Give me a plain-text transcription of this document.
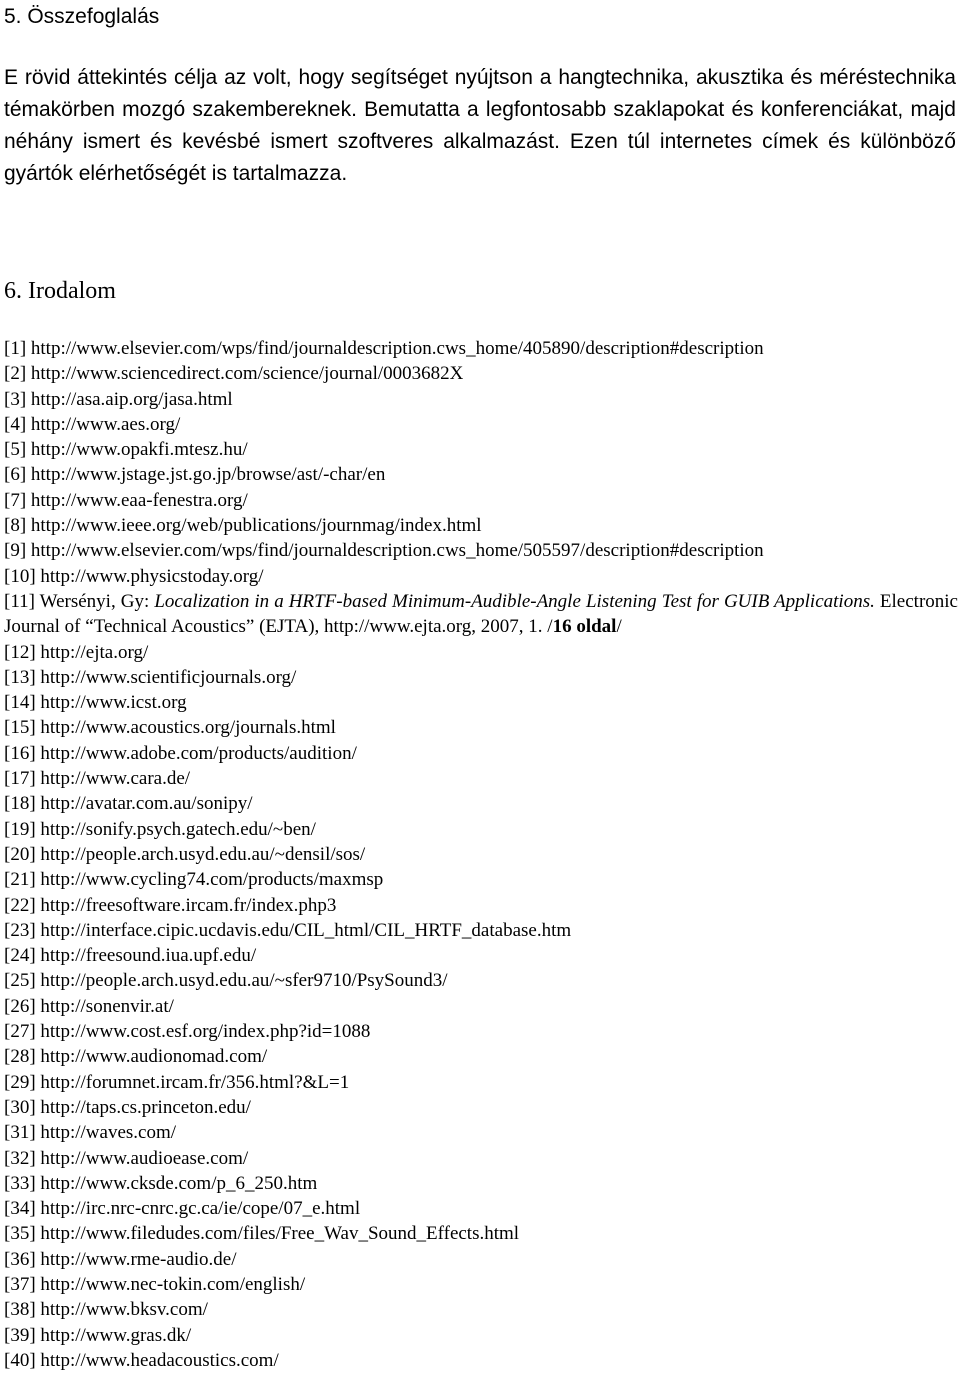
5. Összefoglalás

E rövid áttekintés célja az volt, hogy segítséget nyújtson a hangtechnika, akusztika és méréstechnika témakörben mozgó szakembereknek. Bemutatta a legfontosabb szaklapokat és konferenciákat, majd néhány ismert és kevésbé ismert szoftveres alkalmazást. Ezen túl internetes címek és különböző gyártók elérhetőségét is tartalmazza.

6. Irodalom
[1] http://www.elsevier.com/wps/find/journaldescription.cws_home/405890/description#description
[2] http://www.sciencedirect.com/science/journal/0003682X
[3] http://asa.aip.org/jasa.html
[4] http://www.aes.org/
[5] http://www.opakfi.mtesz.hu/
[6] http://www.jstage.jst.go.jp/browse/ast/-char/en
[7] http://www.eaa-fenestra.org/
[8] http://www.ieee.org/web/publications/journmag/index.html
[9] http://www.elsevier.com/wps/find/journaldescription.cws_home/505597/description#description
[10] http://www.physicstoday.org/
[11] Wersényi, Gy: Localization in a HRTF-based Minimum-Audible-Angle Listening Test for GUIB Applications. Electronic Journal of “Technical Acoustics” (EJTA), http://www.ejta.org, 2007, 1. /16 oldal/
[12] http://ejta.org/
[13] http://www.scientificjournals.org/
[14] http://www.icst.org
[15] http://www.acoustics.org/journals.html
[16] http://www.adobe.com/products/audition/
[17] http://www.cara.de/
[18] http://avatar.com.au/sonipy/
[19] http://sonify.psych.gatech.edu/~ben/
[20] http://people.arch.usyd.edu.au/~densil/sos/
[21] http://www.cycling74.com/products/maxmsp
[22] http://freesoftware.ircam.fr/index.php3
[23] http://interface.cipic.ucdavis.edu/CIL_html/CIL_HRTF_database.htm
[24] http://freesound.iua.upf.edu/
[25] http://people.arch.usyd.edu.au/~sfer9710/PsySound3/
[26] http://sonenvir.at/
[27] http://www.cost.esf.org/index.php?id=1088
[28] http://www.audionomad.com/
[29] http://forumnet.ircam.fr/356.html?&L=1
[30] http://taps.cs.princeton.edu/
[31] http://waves.com/
[32] http://www.audioease.com/
[33] http://www.cksde.com/p_6_250.htm
[34] http://irc.nrc-cnrc.gc.ca/ie/cope/07_e.html
[35] http://www.filedudes.com/files/Free_Wav_Sound_Effects.html
[36] http://www.rme-audio.de/
[37] http://www.nec-tokin.com/english/
[38] http://www.bksv.com/
[39] http://www.gras.dk/
[40] http://www.headacoustics.com/
